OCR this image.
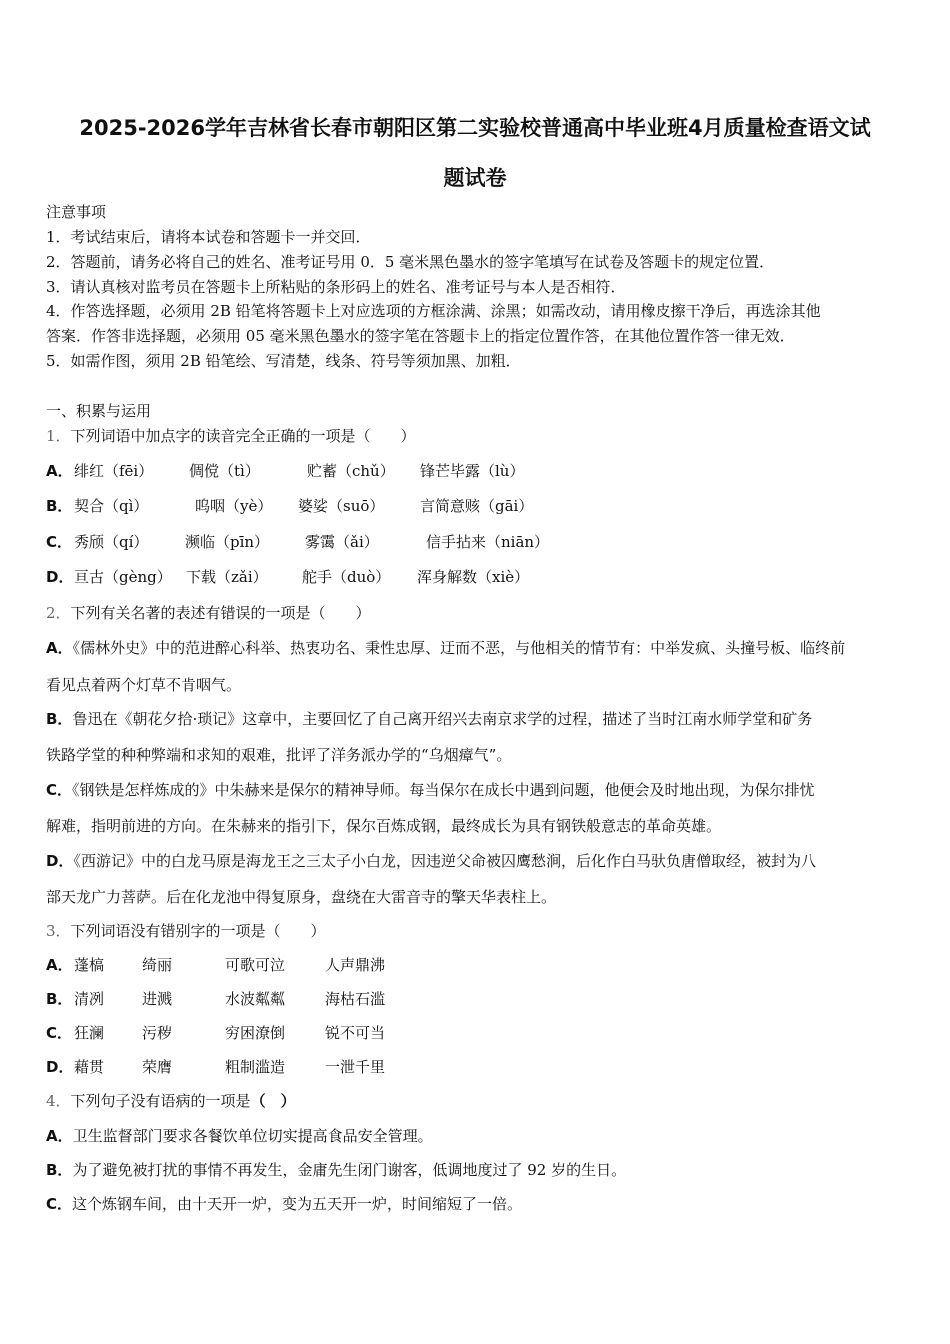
2025-2026学年吉林省长春市朝阳区第二实验校普通高中毕业班4月质量检查语文试
题试卷
注意事项
1．考试结束后，请将本试卷和答题卡一并交回．
2．答题前，请务必将自己的姓名、准考证号用 0．5 毫米黑色墨水的签字笔填写在试卷及答题卡的规定位置．
3．请认真核对监考员在答题卡上所粘贴的条形码上的姓名、准考证号与本人是否相符．
4．作答选择题，必须用 2B 铅笔将答题卡上对应选项的方框涂满、涂黑；如需改动，请用橡皮擦干净后，再选涂其他
答案．作答非选择题，必须用 05 毫米黑色墨水的签字笔在答题卡上的指定位置作答，在其他位置作答一律无效．
5．如需作图，须用 2B 铅笔绘、写清楚，线条、符号等须加黑、加粗．
一、积累与运用
1．下列词语中加点字的读音完全正确的一项是（　　）
A． 绯红（fēi） 倜傥（tì）	贮蓄（chǔ） 锋芒毕露（lù）
B． 契合（qì）	呜咽（yè） 婆娑（suō） 言简意赅（gāi）
C． 秀颀（qí） 濒临（pīn） 雾霭（ǎi）	信手拈来（niān）
D． 亘古（gèng） 下载（zǎi） 舵手（duò） 浑身解数（xiè）
2．下列有关名著的表述有错误的一项是（　　）
A．《儒林外史》中的范进醉心科举、热衷功名、秉性忠厚、迂而不恶，与他相关的情节有：中举发疯、头撞号板、临终前
看见点着两个灯草不肯咽气。
B．鲁迅在《朝花夕拾·琐记》这章中，主要回忆了自己离开绍兴去南京求学的过程，描述了当时江南水师学堂和矿务
铁路学堂的种种弊端和求知的艰难，批评了洋务派办学的“乌烟瘴气”。
C．《钢铁是怎样炼成的》中朱赫来是保尔的精神导师。每当保尔在成长中遇到问题，他便会及时地出现，为保尔排忧
解难，指明前进的方向。在朱赫来的指引下，保尔百炼成钢，最终成长为具有钢铁般意志的革命英雄。
D．《西游记》中的白龙马原是海龙王之三太子小白龙，因违逆父命被囚鹰愁涧，后化作白马驮负唐僧取经，被封为八
部天龙广力菩萨。后在化龙池中得复原身，盘绕在大雷音寺的擎天华表柱上。
3．下列词语没有错别字的一项是（　　）
A． 蓬槁	绮丽	可歌可泣	人声鼎沸
B． 清冽	进溅	水波粼粼	海枯石滥
C． 狂澜	污秽	穷困潦倒	锐不可当
D． 藉贯	荣膺	粗制滥造	一泄千里
4．下列句子没有语病的一项是（　）
A．卫生监督部门要求各餐饮单位切实提高食品安全管理。
B．为了避免被打扰的事情不再发生，金庸先生闭门谢客，低调地度过了 92 岁的生日。
C．这个炼钢车间，由十天开一炉，变为五天开一炉，时间缩短了一倍。
